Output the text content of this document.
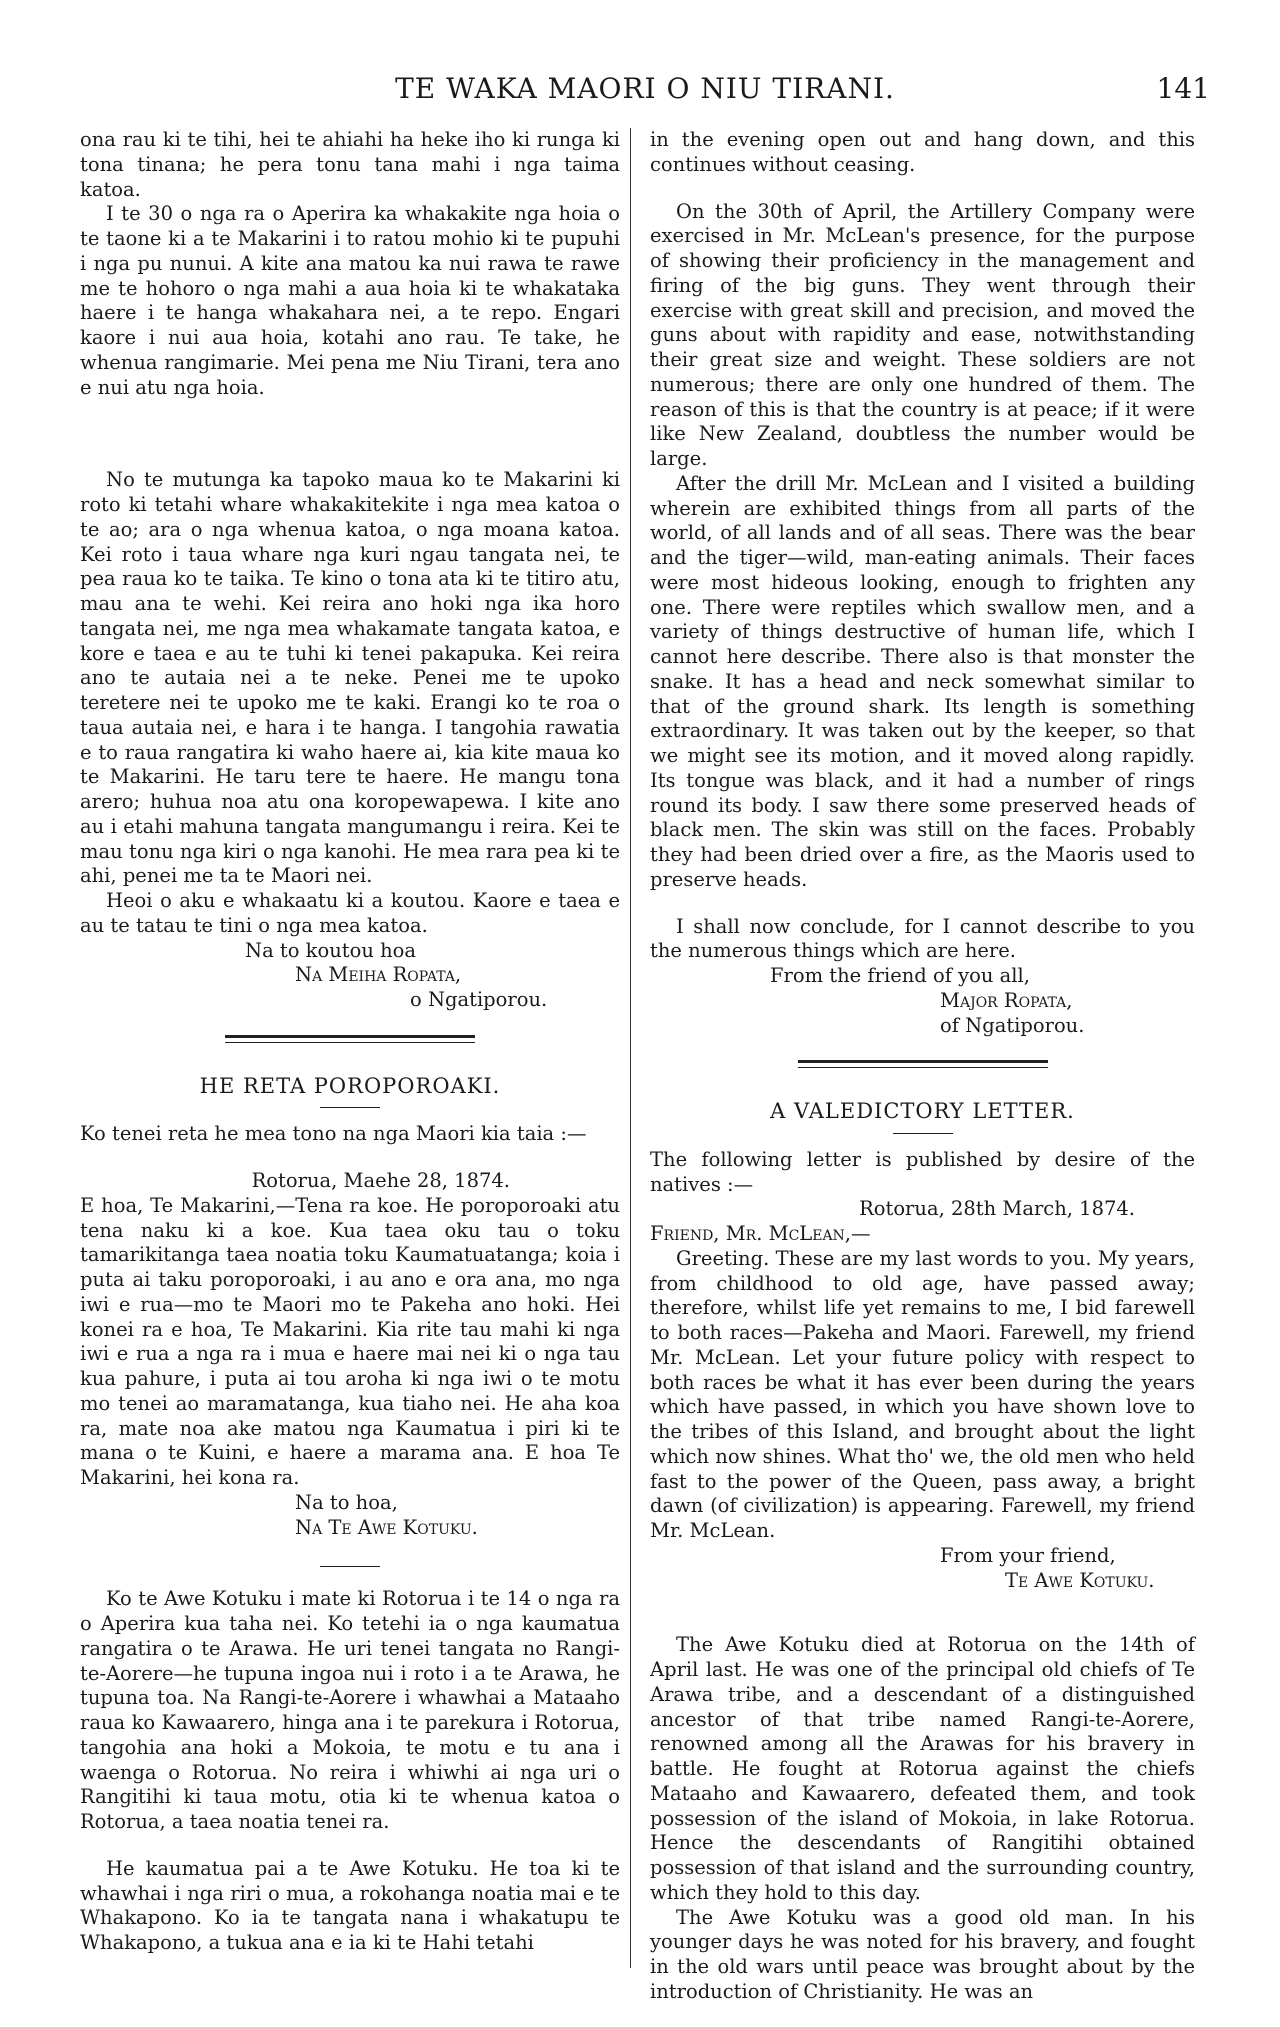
TE WAKA MAORI O NIU TIRANI.	141

ona rau ki te tihi, hei te ahiahi ha heke iho ki runga ki tona tinana; he pera tonu tana mahi i nga taima katoa.

I te 30 o nga ra o Aperira ka whakakite nga hoia o te taone ki a te Makarini i to ratou mohio ki te pupuhi i nga pu nunui. A kite ana matou ka nui rawa te rawe me te hohoro o nga mahi a aua hoia ki te whakataka haere i te hanga whakahara nei, a te repo. Engari kaore i nui aua hoia, kotahi ano rau. Te take, he whenua rangimarie. Mei pena me Niu Tirani, tera ano e nui atu nga hoia.

No te mutunga ka tapoko maua ko te Makarini ki roto ki tetahi whare whakakitekite i nga mea katoa o te ao; ara o nga whenua katoa, o nga moana katoa. Kei roto i taua whare nga kuri ngau tangata nei, te pea raua ko te taika. Te kino o tona ata ki te titiro atu, mau ana te wehi. Kei reira ano hoki nga ika horo tangata nei, me nga mea whakamate tangata katoa, e kore e taea e au te tuhi ki tenei pakapuka. Kei reira ano te autaia nei a te neke. Penei me te upoko teretere nei te upoko me te kaki. Erangi ko te roa o taua autaia nei, e hara i te hanga. I tangohia rawatia e to raua rangatira ki waho haere ai, kia kite maua ko te Makarini. He taru tere te haere. He mangu tona arero; huhua noa atu ona koropewapewa. I kite ano au i etahi mahuna tangata mangumangu i reira. Kei te mau tonu nga kiri o nga kanohi. He mea rara pea ki te ahi, penei me ta te Maori nei.

Heoi o aku e whakaatu ki a koutou. Kaore e taea e au te tatau te tini o nga mea katoa.

Na to koutou hoa

Na Meiha Ropata,

o Ngatiporou.

HE RETA POROPOROAKI.

Ko tenei reta he mea tono na nga Maori kia taia :—

Rotorua, Maehe 28, 1874.

E hoa, Te Makarini,—Tena ra koe. He poroporoaki atu tena naku ki a koe. Kua taea oku tau o toku tamarikitanga taea noatia toku Kaumatuatanga; koia i puta ai taku poroporoaki, i au ano e ora ana, mo nga iwi e rua—mo te Maori mo te Pakeha ano hoki. Hei konei ra e hoa, Te Makarini. Kia rite tau mahi ki nga iwi e rua a nga ra i mua e haere mai nei ki o nga tau kua pahure, i puta ai tou aroha ki nga iwi o te motu mo tenei ao maramatanga, kua tiaho nei. He aha koa ra, mate noa ake matou nga Kaumatua i piri ki te mana o te Kuini, e haere a marama ana. E hoa Te Makarini, hei kona ra.

Na to hoa,

Na Te Awe Kotuku.

Ko te Awe Kotuku i mate ki Rotorua i te 14 o nga ra o Aperira kua taha nei. Ko tetehi ia o nga kaumatua rangatira o te Arawa. He uri tenei tangata no Rangi-te-Aorere—he tupuna ingoa nui i roto i a te Arawa, he tupuna toa. Na Rangi-te-Aorere i whawhai a Mataaho raua ko Kawaarero, hinga ana i te parekura i Rotorua, tangohia ana hoki a Mokoia, te motu e tu ana i waenga o Rotorua. No reira i whiwhi ai nga uri o Rangitihi ki taua motu, otia ki te whenua katoa o Rotorua, a taea noatia tenei ra.

He kaumatua pai a te Awe Kotuku. He toa ki te whawhai i nga riri o mua, a rokohanga noatia mai e te Whakapono. Ko ia te tangata nana i whakatupu te Whakapono, a tukua ana e ia ki te Hahi tetahi

in the evening open out and hang down, and this continues without ceasing.

On the 30th of April, the Artillery Company were exercised in Mr. McLean's presence, for the purpose of showing their proficiency in the management and firing of the big guns. They went through their exercise with great skill and precision, and moved the guns about with rapidity and ease, notwithstanding their great size and weight. These soldiers are not numerous; there are only one hundred of them. The reason of this is that the country is at peace; if it were like New Zealand, doubtless the number would be large.

After the drill Mr. McLean and I visited a building wherein are exhibited things from all parts of the world, of all lands and of all seas. There was the bear and the tiger—wild, man-eating animals. Their faces were most hideous looking, enough to frighten any one. There were reptiles which swallow men, and a variety of things destructive of human life, which I cannot here describe. There also is that monster the snake. It has a head and neck somewhat similar to that of the ground shark. Its length is something extraordinary. It was taken out by the keeper, so that we might see its motion, and it moved along rapidly. Its tongue was black, and it had a number of rings round its body. I saw there some preserved heads of black men. The skin was still on the faces. Probably they had been dried over a fire, as the Maoris used to preserve heads.

I shall now conclude, for I cannot describe to you the numerous things which are here.

From the friend of you all,

Major Ropata,

of Ngatiporou.

A VALEDICTORY LETTER.

The following letter is published by desire of the natives :—

Rotorua, 28th March, 1874.

Friend, Mr. McLean,—

Greeting. These are my last words to you. My years, from childhood to old age, have passed away; therefore, whilst life yet remains to me, I bid farewell to both races—Pakeha and Maori. Farewell, my friend Mr. McLean. Let your future policy with respect to both races be what it has ever been during the years which have passed, in which you have shown love to the tribes of this Island, and brought about the light which now shines. What tho' we, the old men who held fast to the power of the Queen, pass away, a bright dawn (of civilization) is appearing. Farewell, my friend Mr. McLean.

From your friend,

Te Awe Kotuku.

The Awe Kotuku died at Rotorua on the 14th of April last. He was one of the principal old chiefs of Te Arawa tribe, and a descendant of a distinguished ancestor of that tribe named Rangi-te-Aorere, renowned among all the Arawas for his bravery in battle. He fought at Rotorua against the chiefs Mataaho and Kawaarero, defeated them, and took possession of the island of Mokoia, in lake Rotorua. Hence the descendants of Rangitihi obtained possession of that island and the surrounding country, which they hold to this day.

The Awe Kotuku was a good old man. In his younger days he was noted for his bravery, and fought in the old wars until peace was brought about by the introduction of Christianity. He was an
